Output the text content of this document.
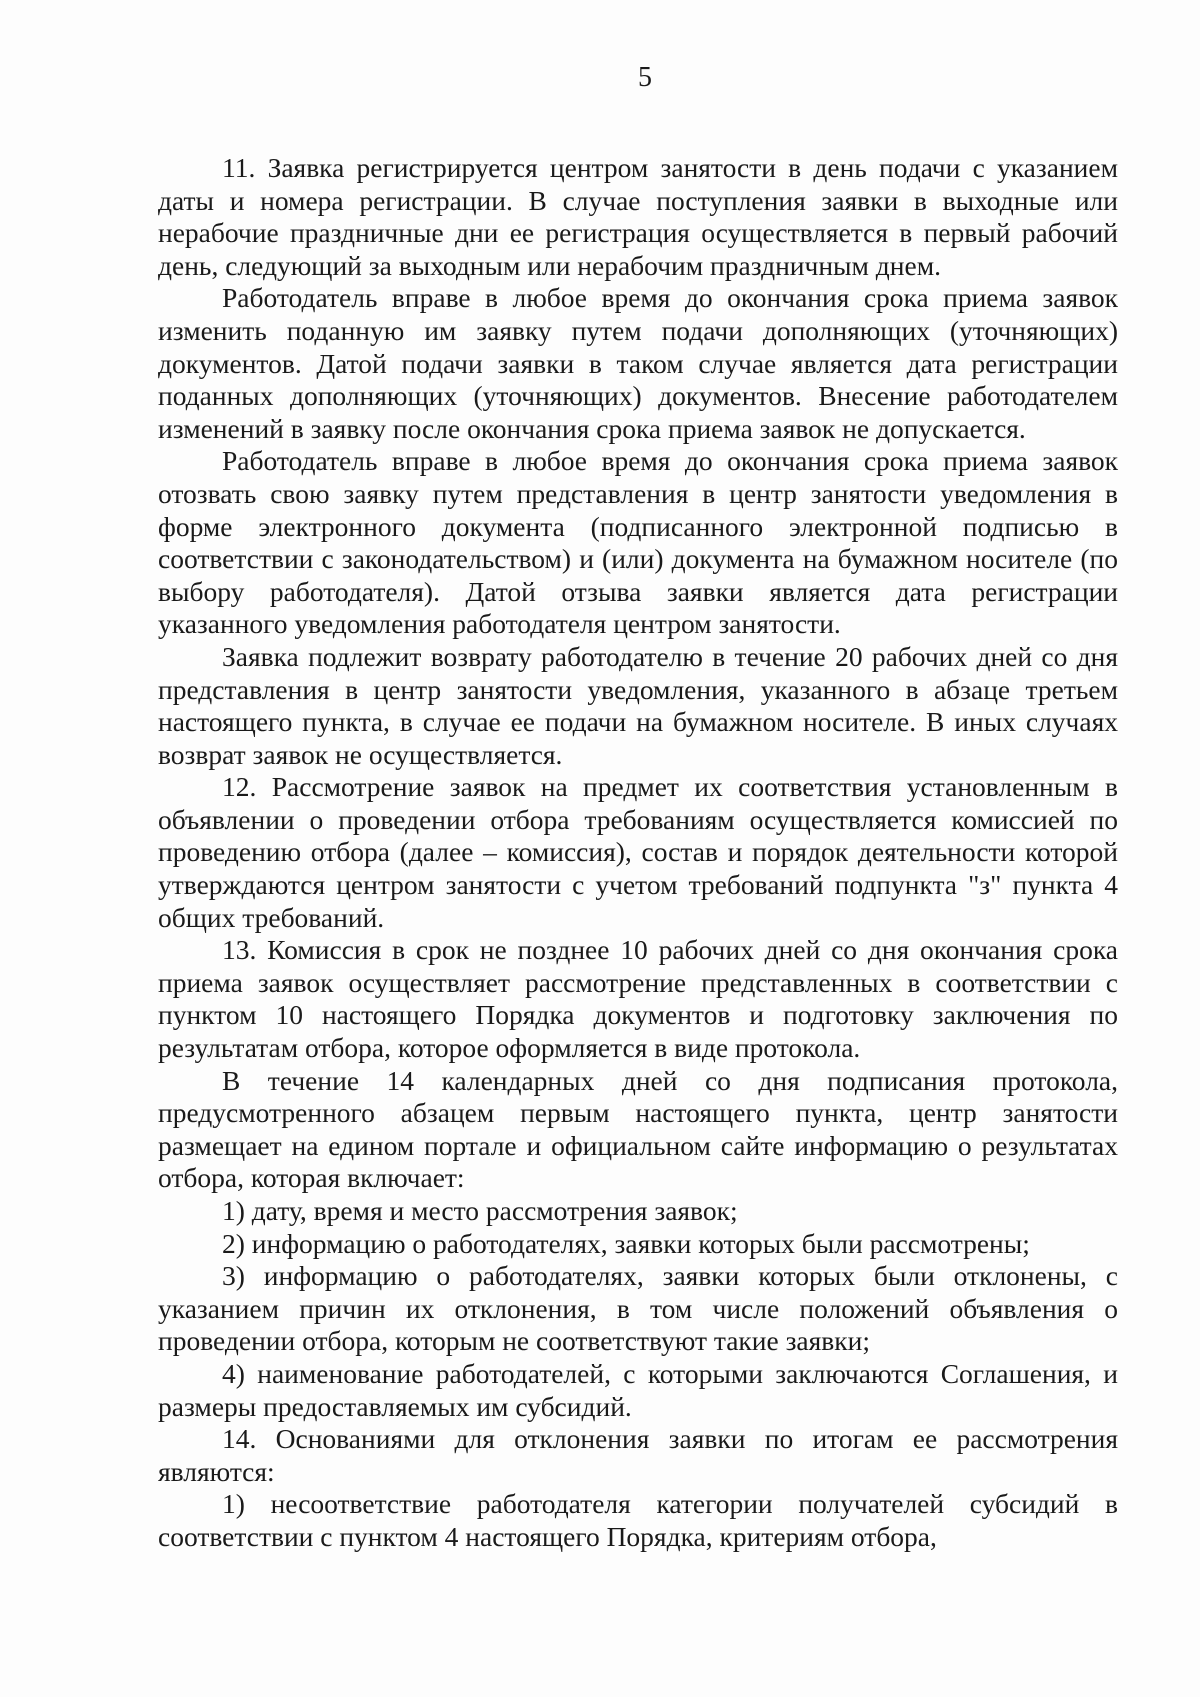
5

11. Заявка регистрируется центром занятости в день подачи с указанием даты и номера регистрации. В случае поступления заявки в выходные или нерабочие праздничные дни ее регистрация осуществляется в первый рабочий день, следующий за выходным или нерабочим праздничным днем.

Работодатель вправе в любое время до окончания срока приема заявок изменить поданную им заявку путем подачи дополняющих (уточняющих) документов. Датой подачи заявки в таком случае является дата регистрации поданных дополняющих (уточняющих) документов. Внесение работодателем изменений в заявку после окончания срока приема заявок не допускается.

Работодатель вправе в любое время до окончания срока приема заявок отозвать свою заявку путем представления в центр занятости уведомления в форме электронного документа (подписанного электронной подписью в соответствии с законодательством) и (или) документа на бумажном носителе (по выбору работодателя). Датой отзыва заявки является дата регистрации указанного уведомления работодателя центром занятости.

Заявка подлежит возврату работодателю в течение 20 рабочих дней со дня представления в центр занятости уведомления, указанного в абзаце третьем настоящего пункта, в случае ее подачи на бумажном носителе. В иных случаях возврат заявок не осуществляется.

12. Рассмотрение заявок на предмет их соответствия установленным в объявлении о проведении отбора требованиям осуществляется комиссией по проведению отбора (далее – комиссия), состав и порядок деятельности которой утверждаются центром занятости с учетом требований подпункта "з" пункта 4 общих требований.

13. Комиссия в срок не позднее 10 рабочих дней со дня окончания срока приема заявок осуществляет рассмотрение представленных в соответствии с пунктом 10 настоящего Порядка документов и подготовку заключения по результатам отбора, которое оформляется в виде протокола.

В течение 14 календарных дней со дня подписания протокола, предусмотренного абзацем первым настоящего пункта, центр занятости размещает на едином портале и официальном сайте информацию о результатах отбора, которая включает:

1) дату, время и место рассмотрения заявок;

2) информацию о работодателях, заявки которых были рассмотрены;

3) информацию о работодателях, заявки которых были отклонены, с указанием причин их отклонения, в том числе положений объявления о проведении отбора, которым не соответствуют такие заявки;

4) наименование работодателей, с которыми заключаются Соглашения, и размеры предоставляемых им субсидий.

14. Основаниями для отклонения заявки по итогам ее рассмотрения являются:

1) несоответствие работодателя категории получателей субсидий в соответствии с пунктом 4 настоящего Порядка, критериям отбора,
